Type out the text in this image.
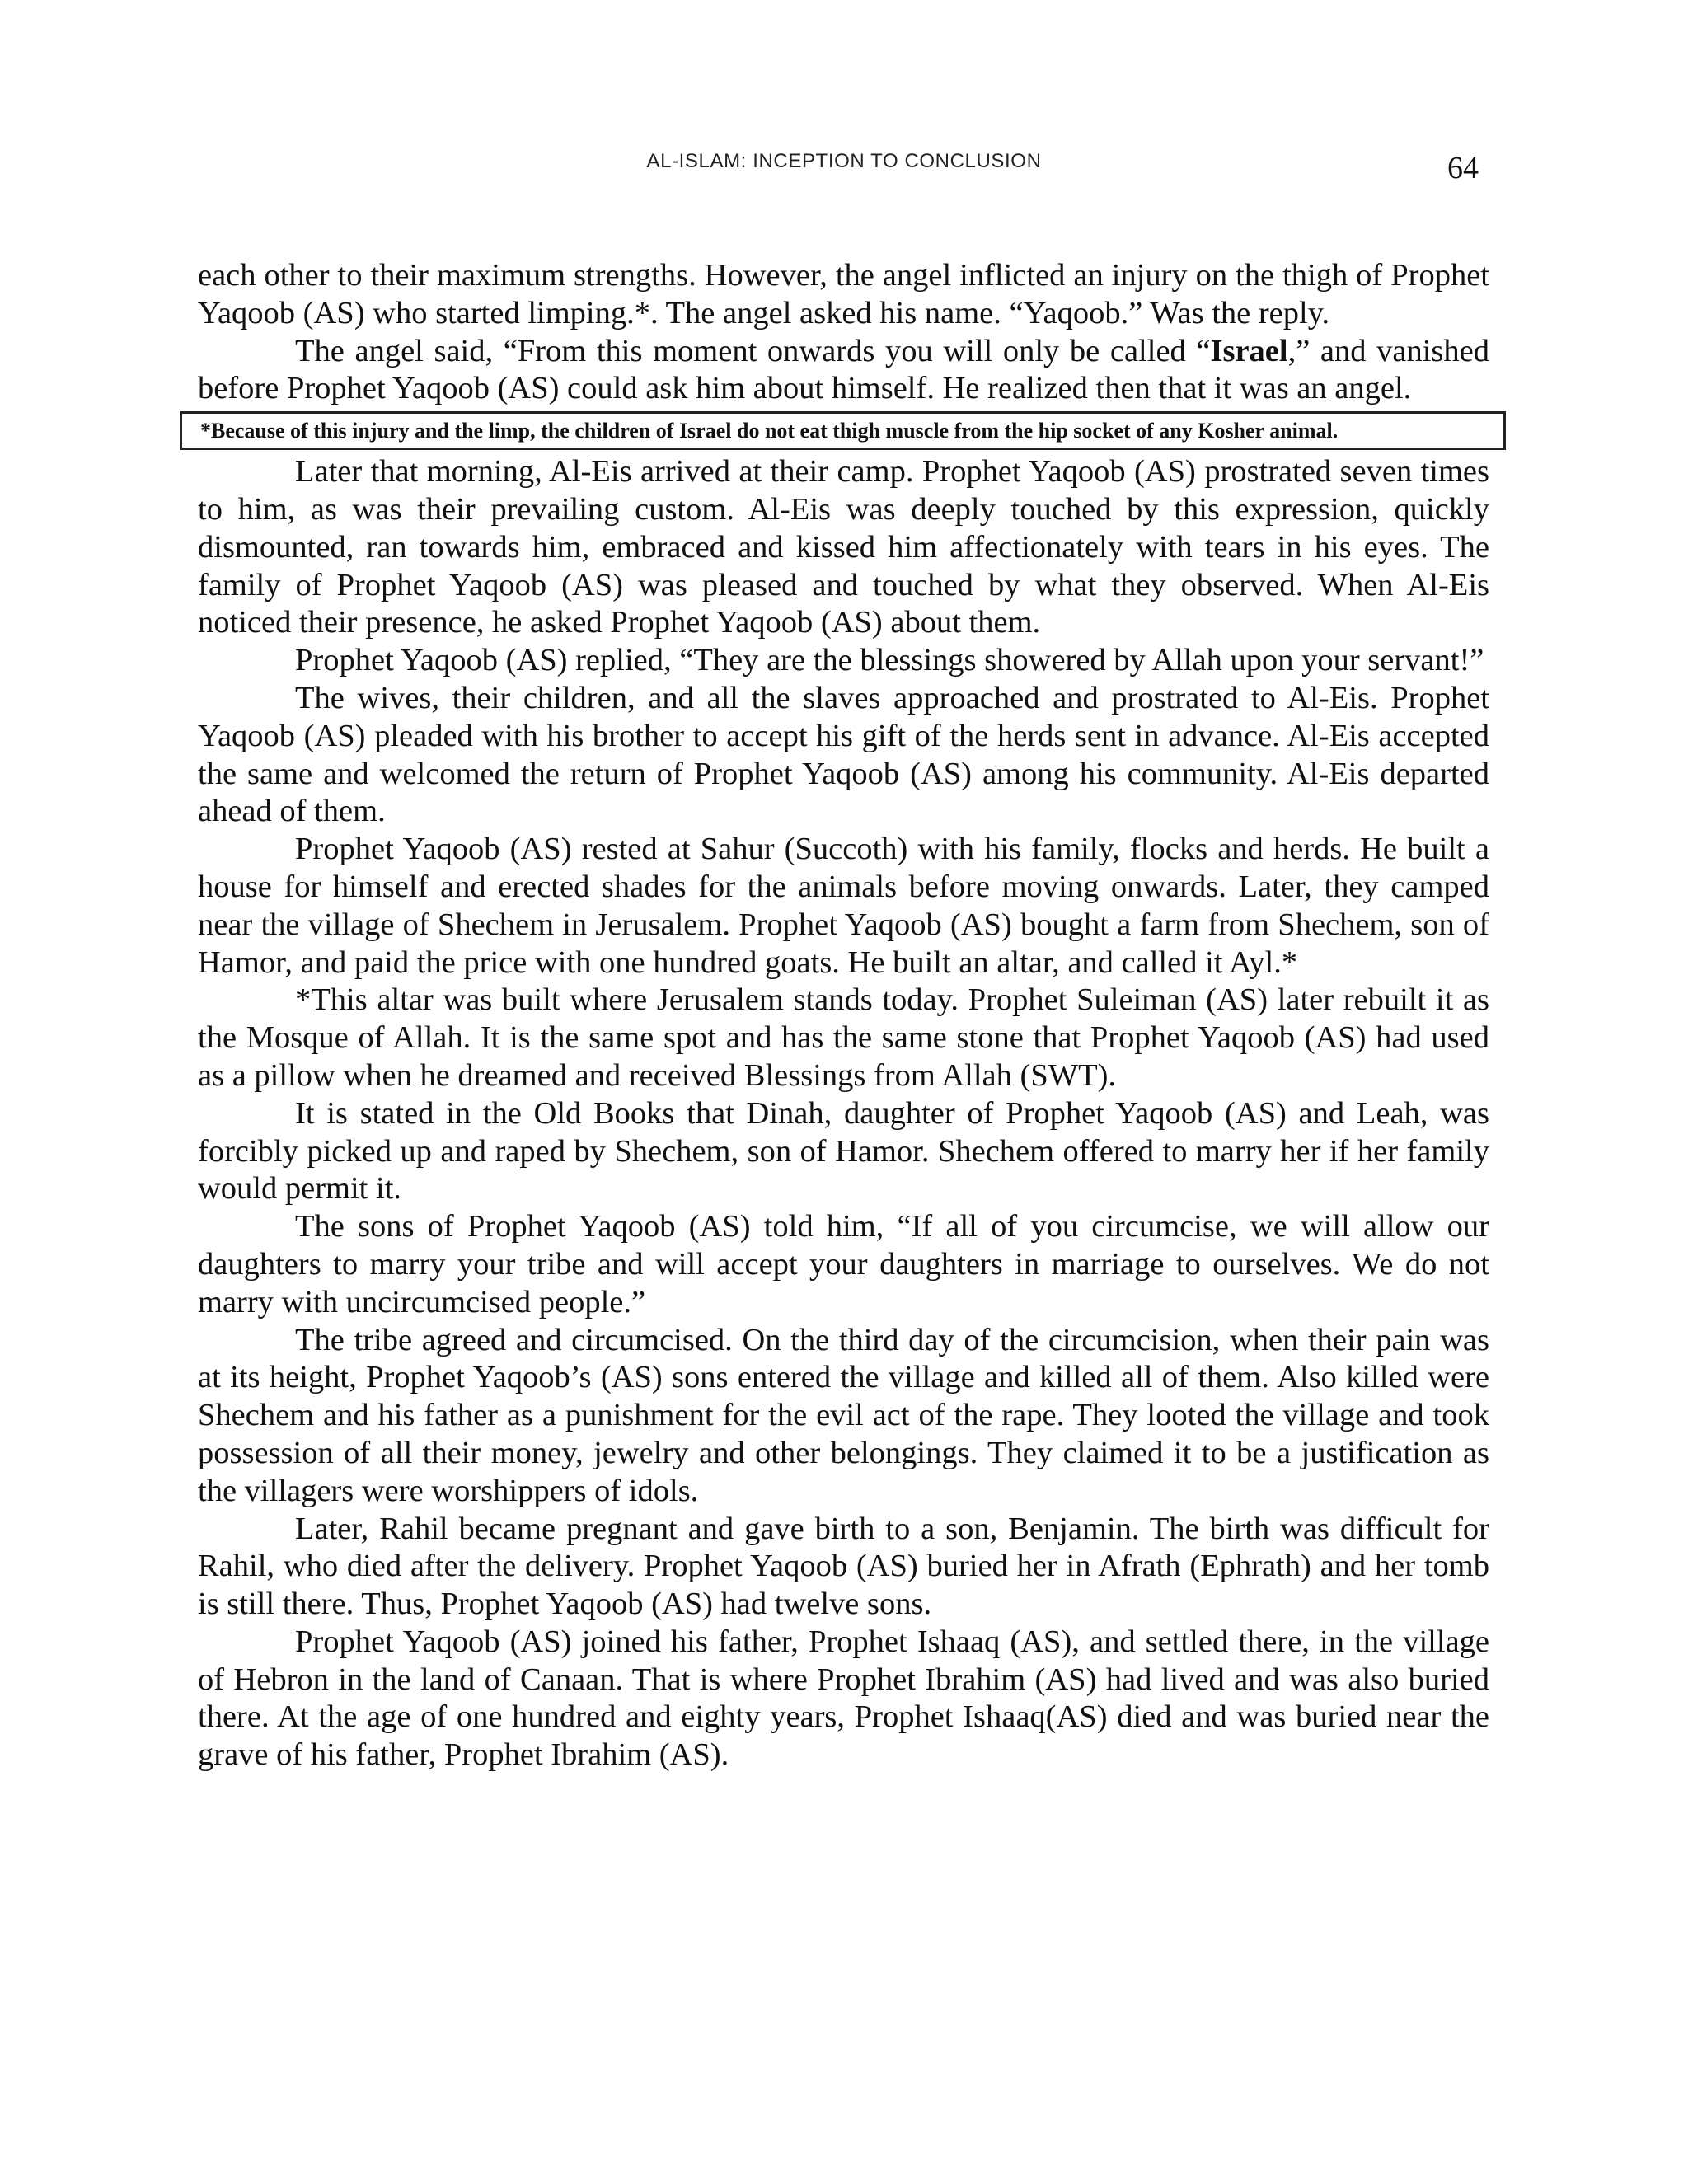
AL-ISLAM: INCEPTION TO CONCLUSION	64

each other to their maximum strengths. However, the angel inflicted an injury on the thigh of Prophet Yaqoob (AS) who started limping.*. The angel asked his name. “Yaqoob.” Was the reply.

The angel said, “From this moment onwards you will only be called “Israel,” and vanished before Prophet Yaqoob (AS) could ask him about himself. He realized then that it was an angel.

*Because of this injury and the limp, the children of Israel do not eat thigh muscle from the hip socket of any Kosher animal.

Later that morning, Al-Eis arrived at their camp. Prophet Yaqoob (AS) prostrated seven times to him, as was their prevailing custom. Al-Eis was deeply touched by this expression, quickly dismounted, ran towards him, embraced and kissed him affectionately with tears in his eyes. The family of Prophet Yaqoob (AS) was pleased and touched by what they observed. When Al-Eis noticed their presence, he asked Prophet Yaqoob (AS) about them.

Prophet Yaqoob (AS) replied, “They are the blessings showered by Allah upon your servant!”

The wives, their children, and all the slaves approached and prostrated to Al-Eis. Prophet Yaqoob (AS) pleaded with his brother to accept his gift of the herds sent in advance. Al-Eis accepted the same and welcomed the return of Prophet Yaqoob (AS) among his community. Al-Eis departed ahead of them.

Prophet Yaqoob (AS) rested at Sahur (Succoth) with his family, flocks and herds. He built a house for himself and erected shades for the animals before moving onwards. Later, they camped near the village of Shechem in Jerusalem. Prophet Yaqoob (AS) bought a farm from Shechem, son of Hamor, and paid the price with one hundred goats. He built an altar, and called it Ayl.*

*This altar was built where Jerusalem stands today. Prophet Suleiman (AS) later rebuilt it as the Mosque of Allah. It is the same spot and has the same stone that Prophet Yaqoob (AS) had used as a pillow when he dreamed and received Blessings from Allah (SWT).

It is stated in the Old Books that Dinah, daughter of Prophet Yaqoob (AS) and Leah, was forcibly picked up and raped by Shechem, son of Hamor. Shechem offered to marry her if her family would permit it.

The sons of Prophet Yaqoob (AS) told him, “If all of you circumcise, we will allow our daughters to marry your tribe and will accept your daughters in marriage to ourselves. We do not marry with uncircumcised people.”

The tribe agreed and circumcised. On the third day of the circumcision, when their pain was at its height, Prophet Yaqoob’s (AS) sons entered the village and killed all of them. Also killed were Shechem and his father as a punishment for the evil act of the rape. They looted the village and took possession of all their money, jewelry and other belongings. They claimed it to be a justification as the villagers were worshippers of idols.

Later, Rahil became pregnant and gave birth to a son, Benjamin. The birth was difficult for Rahil, who died after the delivery. Prophet Yaqoob (AS) buried her in Afrath (Ephrath) and her tomb is still there. Thus, Prophet Yaqoob (AS) had twelve sons.

Prophet Yaqoob (AS) joined his father, Prophet Ishaaq (AS), and settled there, in the village of Hebron in the land of Canaan. That is where Prophet Ibrahim (AS) had lived and was also buried there. At the age of one hundred and eighty years, Prophet Ishaaq(AS) died and was buried near the grave of his father, Prophet Ibrahim (AS).
